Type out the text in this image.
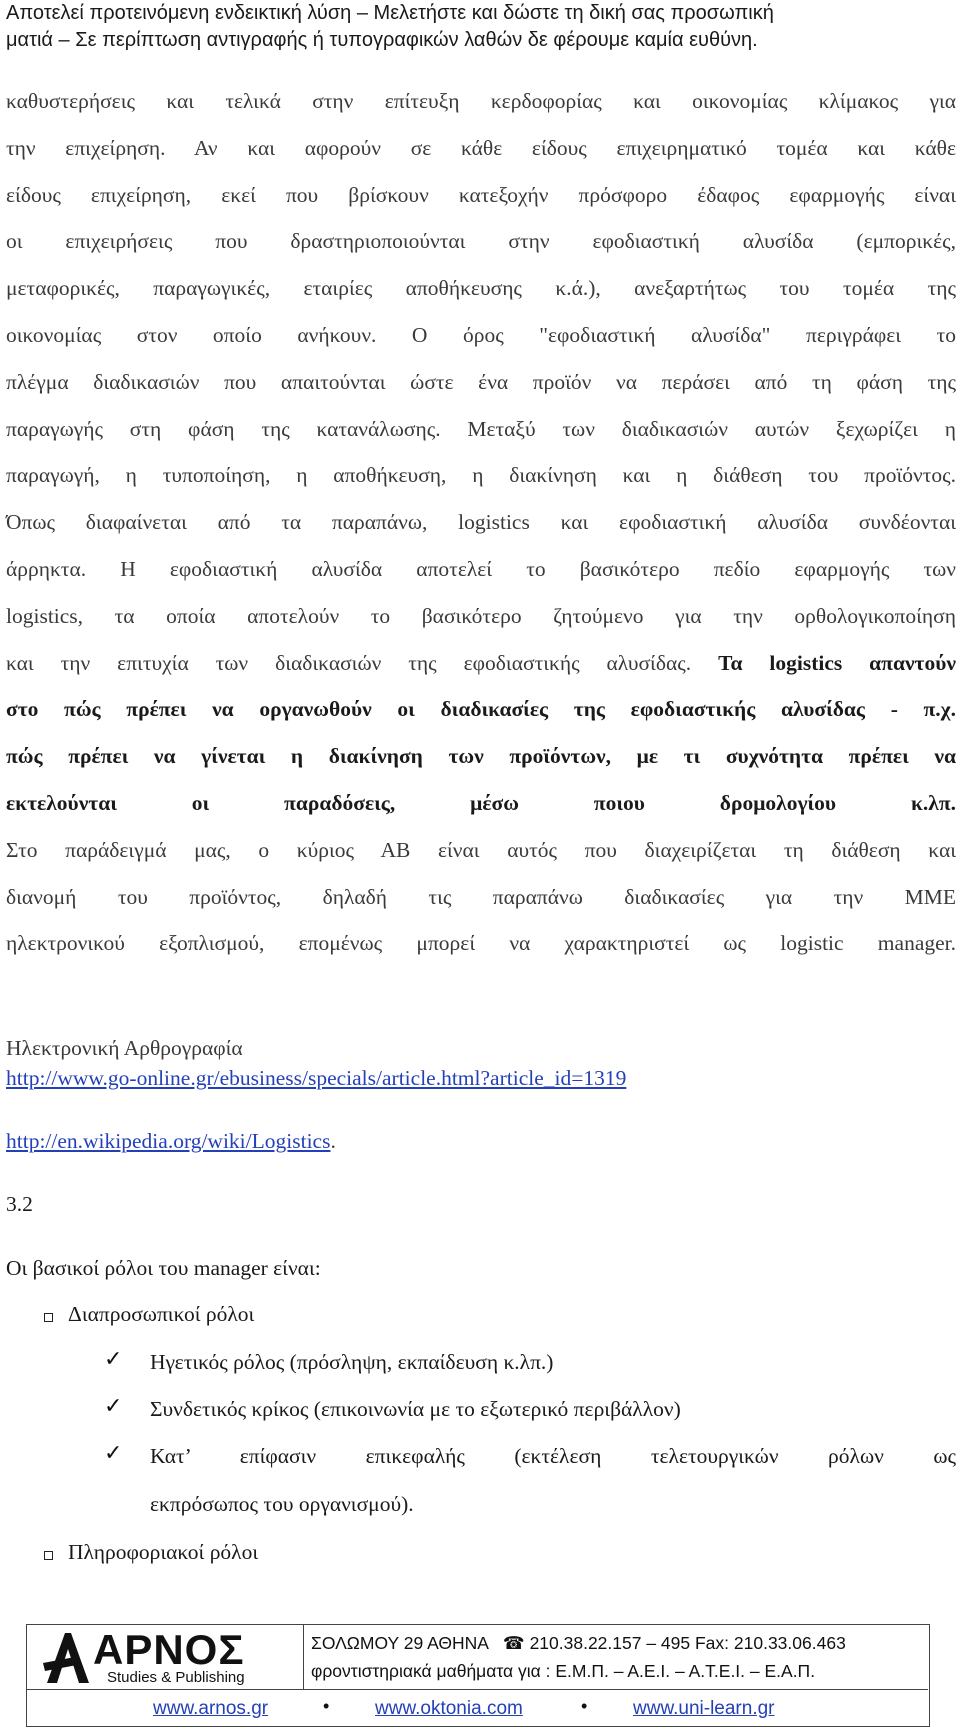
Αποτελεί προτεινόμενη ενδεικτική λύση – Μελετήστε και δώστε τη δική σας προσωπική
ματιά – Σε περίπτωση αντιγραφής ή τυπογραφικών λαθών δε φέρουμε καμία ευθύνη.
καθυστερήσεις και τελικά στην επίτευξη κερδοφορίας και οικονομίας κλίμακος για
την επιχείρηση. Αν και αφορούν σε κάθε είδους επιχειρηματικό τομέα και κάθε
είδους επιχείρηση, εκεί που βρίσκουν κατεξοχήν πρόσφορο έδαφος εφαρμογής είναι
οι επιχειρήσεις που δραστηριοποιούνται στην εφοδιαστική αλυσίδα (εμπορικές,
μεταφορικές, παραγωγικές, εταιρίες αποθήκευσης κ.ά.), ανεξαρτήτως του τομέα της
οικονομίας στον οποίο ανήκουν. Ο όρος "εφοδιαστική αλυσίδα" περιγράφει το
πλέγμα διαδικασιών που απαιτούνται ώστε ένα προϊόν να περάσει από τη φάση της
παραγωγής στη φάση της κατανάλωσης. Μεταξύ των διαδικασιών αυτών ξεχωρίζει η
παραγωγή, η τυποποίηση, η αποθήκευση, η διακίνηση και η διάθεση του προϊόντος.
Όπως διαφαίνεται από τα παραπάνω, logistics και εφοδιαστική αλυσίδα συνδέονται
άρρηκτα. Η εφοδιαστική αλυσίδα αποτελεί το βασικότερο πεδίο εφαρμογής των
logistics, τα οποία αποτελούν το βασικότερο ζητούμενο για την ορθολογικοποίηση
και την επιτυχία των διαδικασιών της εφοδιαστικής αλυσίδας. Τα logistics απαντούν
στο πώς πρέπει να οργανωθούν οι διαδικασίες της εφοδιαστικής αλυσίδας - π.χ.
πώς πρέπει να γίνεται η διακίνηση των προϊόντων, με τι συχνότητα πρέπει να
εκτελούνται οι παραδόσεις, μέσω ποιου δρομολογίου κ.λπ.
Στο παράδειγμά μας, ο κύριος ΑΒ είναι αυτός που διαχειρίζεται τη διάθεση και
διανομή του προϊόντος, δηλαδή τις παραπάνω διαδικασίες για την ΜΜΕ
ηλεκτρονικού εξοπλισμού, επομένως μπορεί να χαρακτηριστεί ως logistic manager.
Ηλεκτρονική Αρθρογραφία
http://www.go-online.gr/ebusiness/specials/article.html?article_id=1319
http://en.wikipedia.org/wiki/Logistics.
3.2
Οι βασικοί ρόλοι του manager είναι:
Διαπροσωπικοί ρόλοι
✓ Ηγετικός ρόλος (πρόσληψη, εκπαίδευση κ.λπ.)
✓ Συνδετικός κρίκος (επικοινωνία με το εξωτερικό περιβάλλον)
✓ Κατ’ επίφασιν επικεφαλής (εκτέλεση τελετουργικών ρόλων ως
εκπρόσωπος του οργανισμού).
Πληροφοριακοί ρόλοι
ΑΡΝΟΣ
Studies & Publishing
ΣΟΛΩΜΟΥ 29 ΑΘΗΝΑ ☎ 210.38.22.157 – 495 Fax: 210.33.06.463
φροντιστηριακά μαθήματα για : Ε.Μ.Π. – Α.Ε.Ι. – Α.Τ.Ε.Ι. – Ε.Α.Π.
www.arnos.gr	• www.oktonia.com	• www.uni-learn.gr
